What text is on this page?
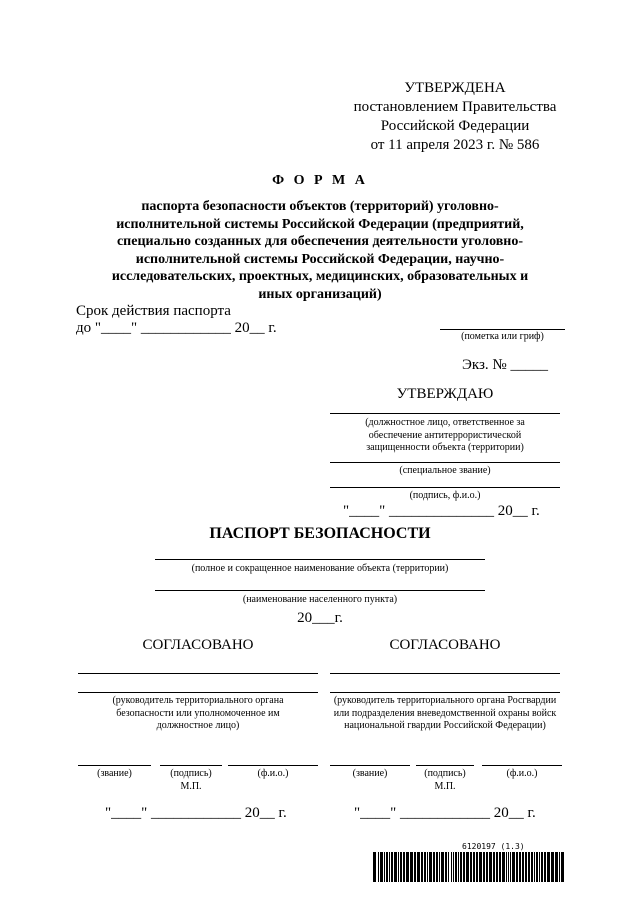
УТВЕРЖДЕНА
постановлением Правительства
Российской Федерации
от 11 апреля 2023 г. № 586
Ф О Р М А
паспорта безопасности объектов (территорий) уголовно-исполнительной системы Российской Федерации (предприятий, специально созданных для обеспечения деятельности уголовно-исполнительной системы Российской Федерации, научно-исследовательских, проектных, медицинских, образовательных и иных организаций)
Срок действия паспорта
до "____" ____________ 20__ г.
(пометка или гриф)
Экз. № _____
УТВЕРЖДАЮ
(должностное лицо, ответственное за обеспечение антитеррористической защищенности объекта (территории)
(специальное звание)
(подпись, ф.и.о.)
"____" ______________ 20__ г.
ПАСПОРТ БЕЗОПАСНОСТИ
(полное и сокращенное наименование объекта (территории)
(наименование населенного пункта)
20___г.
СОГЛАСОВАНО
(руководитель территориального органа безопасности или уполномоченное им должностное лицо)
(звание)	(подпись)	(ф.и.о.)
М.П.
"____" ____________ 20__ г.
СОГЛАСОВАНО
(руководитель территориального органа Росгвардии или подразделения вневедомственной охраны войск национальной гвардии Российской Федерации)
(звание)	(подпись)	(ф.и.о.)
М.П.
"____" ____________ 20__ г.
6120197 (1.3)
